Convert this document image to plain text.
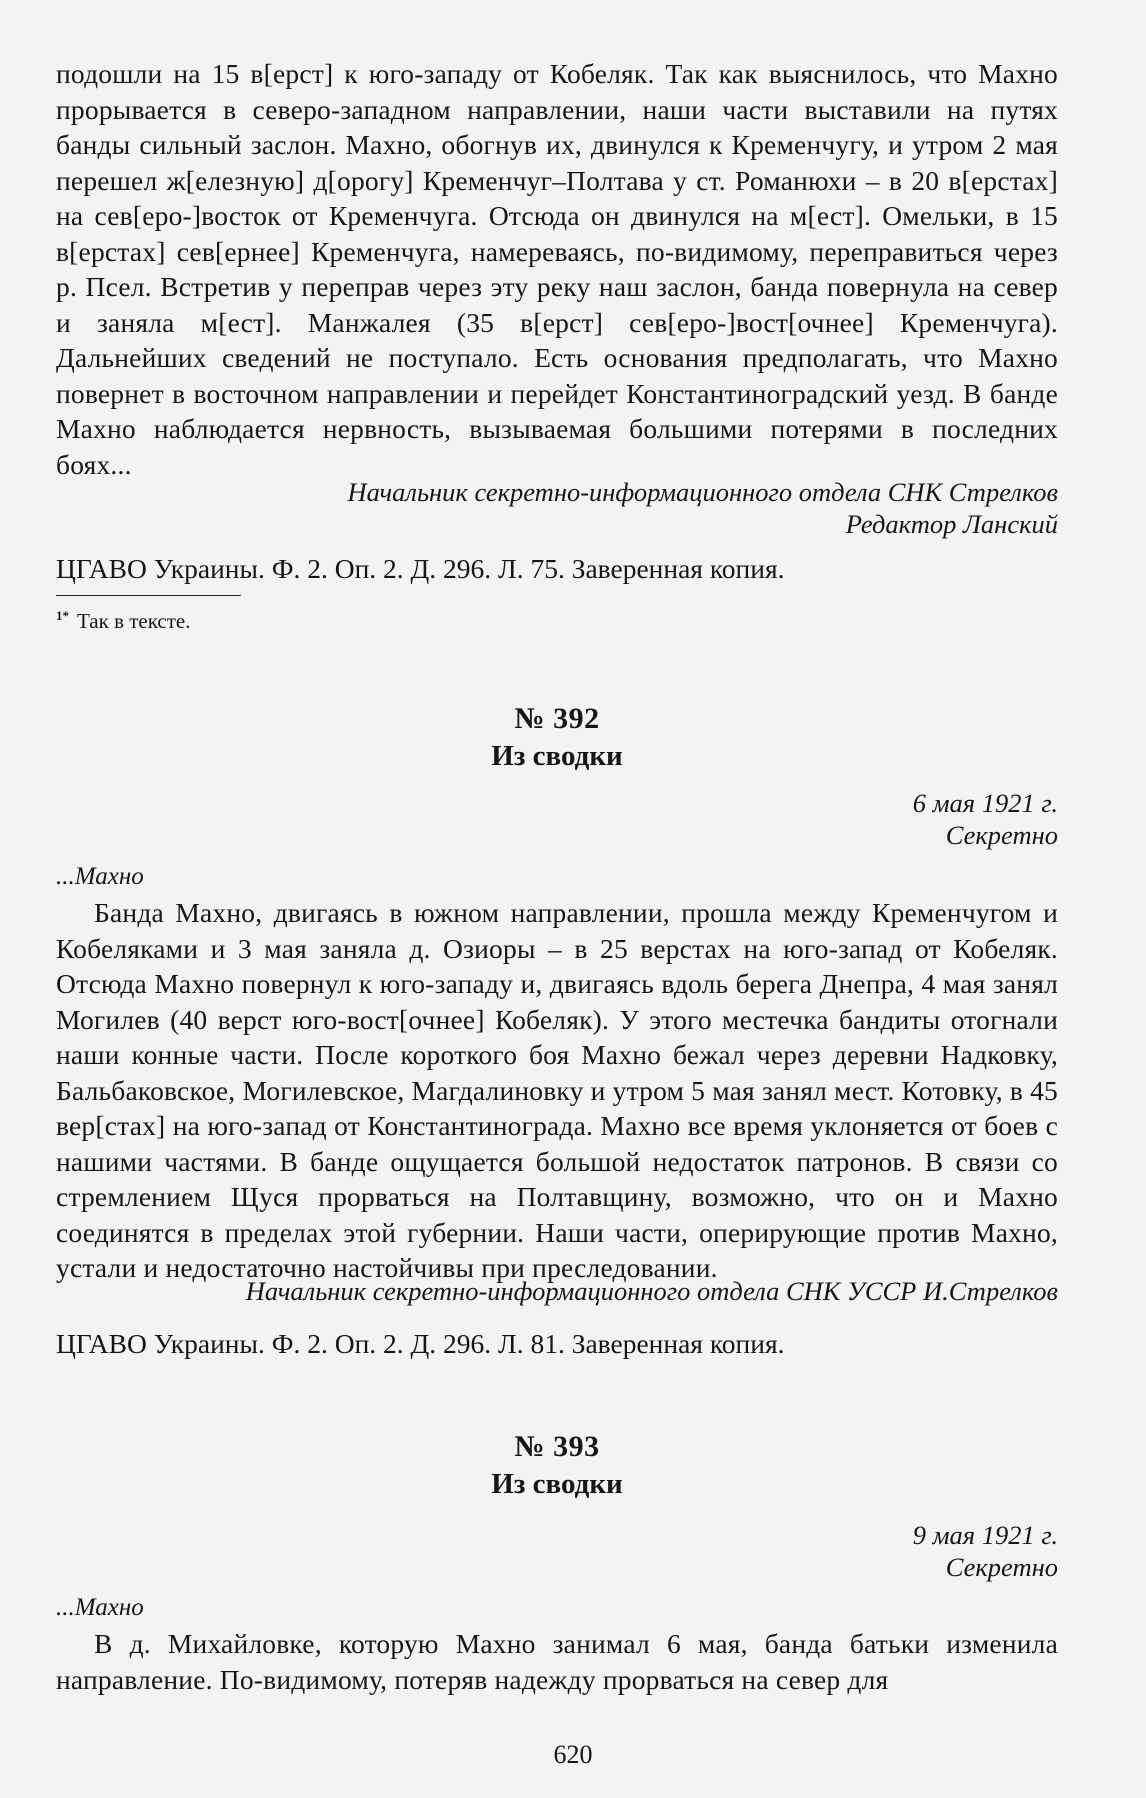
подошли на 15 в[ерст] к юго-западу от Кобеляк. Так как выяснилось, что Махно прорывается в северо-западном направлении, наши части выставили на путях банды сильный заслон. Махно, обогнув их, двинулся к Кременчугу, и утром 2 мая перешел ж[елезную] д[орогу] Кременчуг–Полтава у ст. Романюхи – в 20 в[ерстах] на сев[еро-]восток от Кременчуга. Отсюда он двинулся на м[ест]. Омельки, в 15 в[ерстах] сев[ернее] Кременчуга, намереваясь, по-видимому, переправиться через р. Псел. Встретив у переправ через эту реку наш заслон, банда повернула на север и заняла м[ест]. Манжалея (35 в[ерст] сев[еро-]вост[очнее] Кременчуга). Дальнейших сведений не поступало. Есть основания предполагать, что Махно повернет в восточном направлении и перейдет Константиноградский уезд. В банде Махно наблюдается нервность, вызываемая большими потерями в последних боях...

Начальник секретно-информационного отдела СНК Стрелков

Редактор Ланский

ЦГАВО Украины. Ф. 2. Оп. 2. Д. 296. Л. 75. Заверенная копия.

$^{1*}$ Так в тексте.

№ 392

Из сводки

6 мая 1921 г.

Секретно

...Махно

Банда Махно, двигаясь в южном направлении, прошла между Кременчугом и Кобеляками и 3 мая заняла д. Озиоры – в 25 верстах на юго-запад от Кобеляк. Отсюда Махно повернул к юго-западу и, двигаясь вдоль берега Днепра, 4 мая занял Могилев (40 верст юго-вост[очнее] Кобеляк). У этого местечка бандиты отогнали наши конные части. После короткого боя Махно бежал через деревни Надковку, Бальбаковское, Могилевское, Магдалиновку и утром 5 мая занял мест. Котовку, в 45 вер[стах] на юго-запад от Константинограда. Махно все время уклоняется от боев с нашими частями. В банде ощущается большой недостаток патронов. В связи со стремлением Щуся прорваться на Полтавщину, возможно, что он и Махно соединятся в пределах этой губернии. Наши части, оперирующие против Махно, устали и недостаточно настойчивы при преследовании.

Начальник секретно-информационного отдела СНК УССР И.Стрелков

ЦГАВО Украины. Ф. 2. Оп. 2. Д. 296. Л. 81. Заверенная копия.

№ 393

Из сводки

9 мая 1921 г.

Секретно

...Махно

В д. Михайловке, которую Махно занимал 6 мая, банда батьки изменила направление. По-видимому, потеряв надежду прорваться на север для

620
